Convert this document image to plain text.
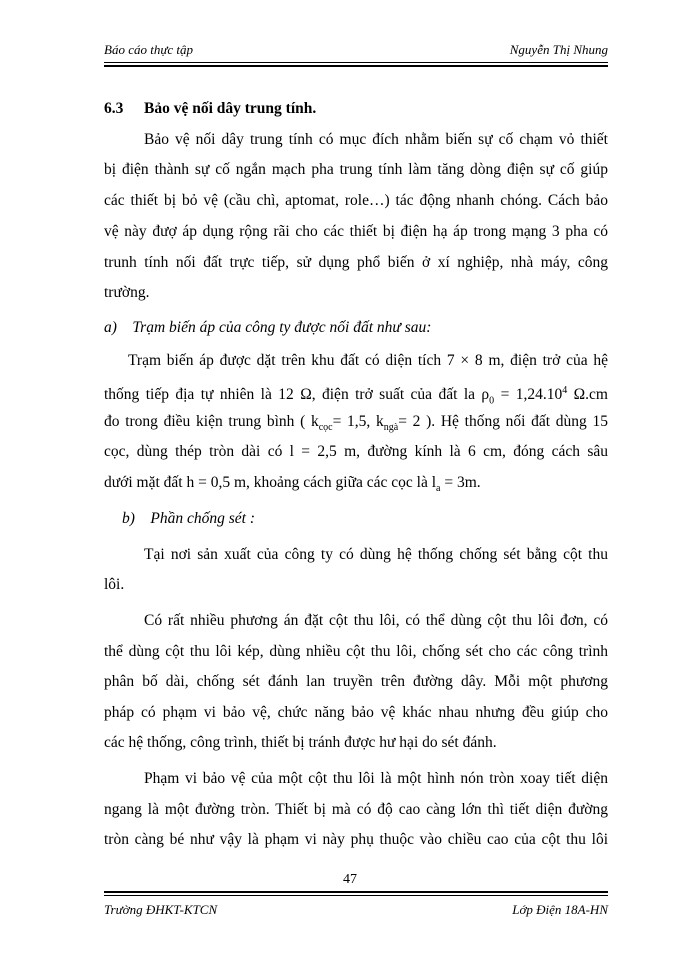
Báo cáo thực tập	Nguyễn Thị Nhung
6.3 Bảo vệ nối dây trung tính.
Bảo vệ nối dây trung tính có mục đích nhằm biến sự cố chạm vỏ thiết
bị điện thành sự cố ngắn mạch pha trung tính làm tăng dòng điện sự cố giúp
các thiết bị bỏ vệ (cầu chì, aptomat, role…) tác động nhanh chóng. Cách bảo
vệ này đượ áp dụng rộng rãi cho các thiết bị điện hạ áp trong mạng 3 pha có
trunh tính nối đất trực tiếp, sử dụng phổ biến ở xí nghiệp, nhà máy, công
trường.
a)    Trạm biến áp của công ty được nối đất như sau:
Trạm biến áp được dặt trên khu đất có diện tích 7 × 8 m, điện trở của hệ
thống tiếp địa tự nhiên là 12 Ω, điện trở suất của đất la $\rho_0 = 1,24.10^4$ Ω.cm
đo trong điều kiện trung bình ( $k_{cọc}= 1,5$, $k_{ngà}= 2$ ). Hệ thống nối đất dùng 15
cọc, dùng thép tròn dài có l = 2,5 m, đường kính là 6 cm, đóng cách sâu
dưới mặt đất h = 0,5 m, khoảng cách giữa các cọc là $l_a = 3m$.
b)    Phần chống sét :
Tại nơi sản xuất của công ty có dùng hệ thống chống sét bằng cột thu
lôi.
Có rất nhiều phương án đặt cột thu lôi, có thể dùng cột thu lôi đơn, có
thể dùng cột thu lôi kép, dùng nhiều cột thu lôi, chống sét cho các công trình
phân bố dài, chống sét đánh lan truyền trên đường dây. Mỗi một phương
pháp có phạm vi bảo vệ, chức năng bảo vệ khác nhau nhưng đều giúp cho
các hệ thống, công trình, thiết bị tránh được hư hại do sét đánh.
Phạm vi bảo vệ của một cột thu lôi là một hình nón tròn xoay tiết diện
ngang là một đường tròn. Thiết bị mà có độ cao càng lớn thì tiết diện đường
tròn càng bé như vậy là phạm vi này phụ thuộc vào chiều cao của cột thu lôi
47
Trường ĐHKT-KTCN	Lớp Điện 18A-HN
